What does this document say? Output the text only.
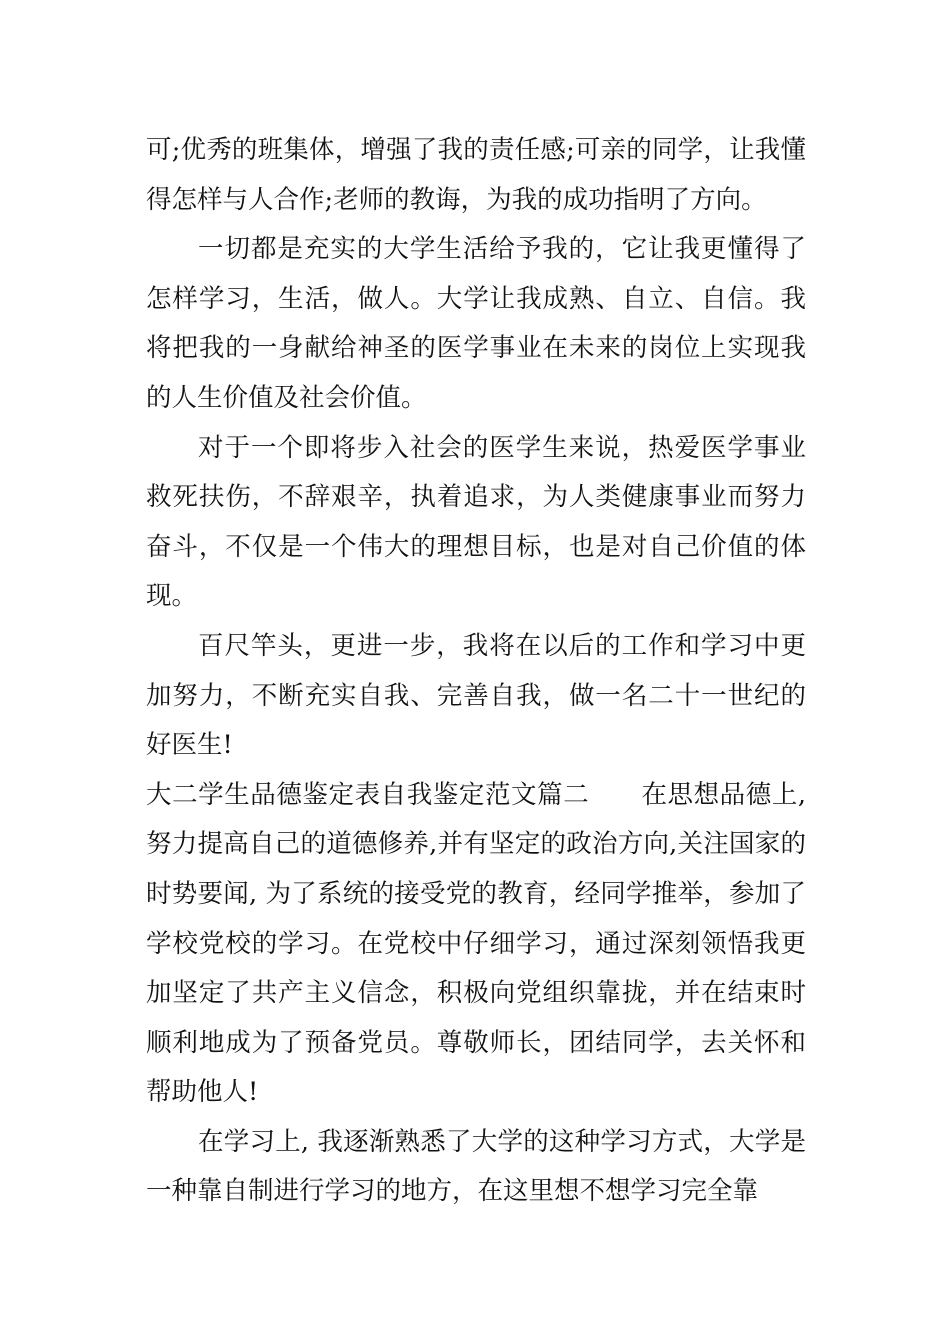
可;优秀的班集体，增强了我的责任感;可亲的同学，让我懂得怎样与人合作;老师的教诲，为我的成功指明了方向。

一切都是充实的大学生活给予我的，它让我更懂得了怎样学习，生活，做人。大学让我成熟、自立、自信。我将把我的一身献给神圣的医学事业在未来的岗位上实现我的人生价值及社会价值。

对于一个即将步入社会的医学生来说，热爱医学事业救死扶伤，不辞艰辛，执着追求，为人类健康事业而努力奋斗，不仅是一个伟大的理想目标，也是对自己价值的体现。

百尺竿头，更进一步，我将在以后的工作和学习中更加努力，不断充实自我、完善自我，做一名二十一世纪的好医生!

大二学生品德鉴定表自我鉴定范文篇二　　在思想品德上,努力提高自己的道德修养,并有坚定的政治方向,关注国家的时势要闻, 为了系统的接受党的教育，经同学推举，参加了学校党校的学习。在党校中仔细学习，通过深刻领悟我更加坚定了共产主义信念，积极向党组织靠拢，并在结束时顺利地成为了预备党员。尊敬师长，团结同学，去关怀和帮助他人!

在学习上, 我逐渐熟悉了大学的这种学习方式，大学是一种靠自制进行学习的地方，在这里想不想学习完全靠
